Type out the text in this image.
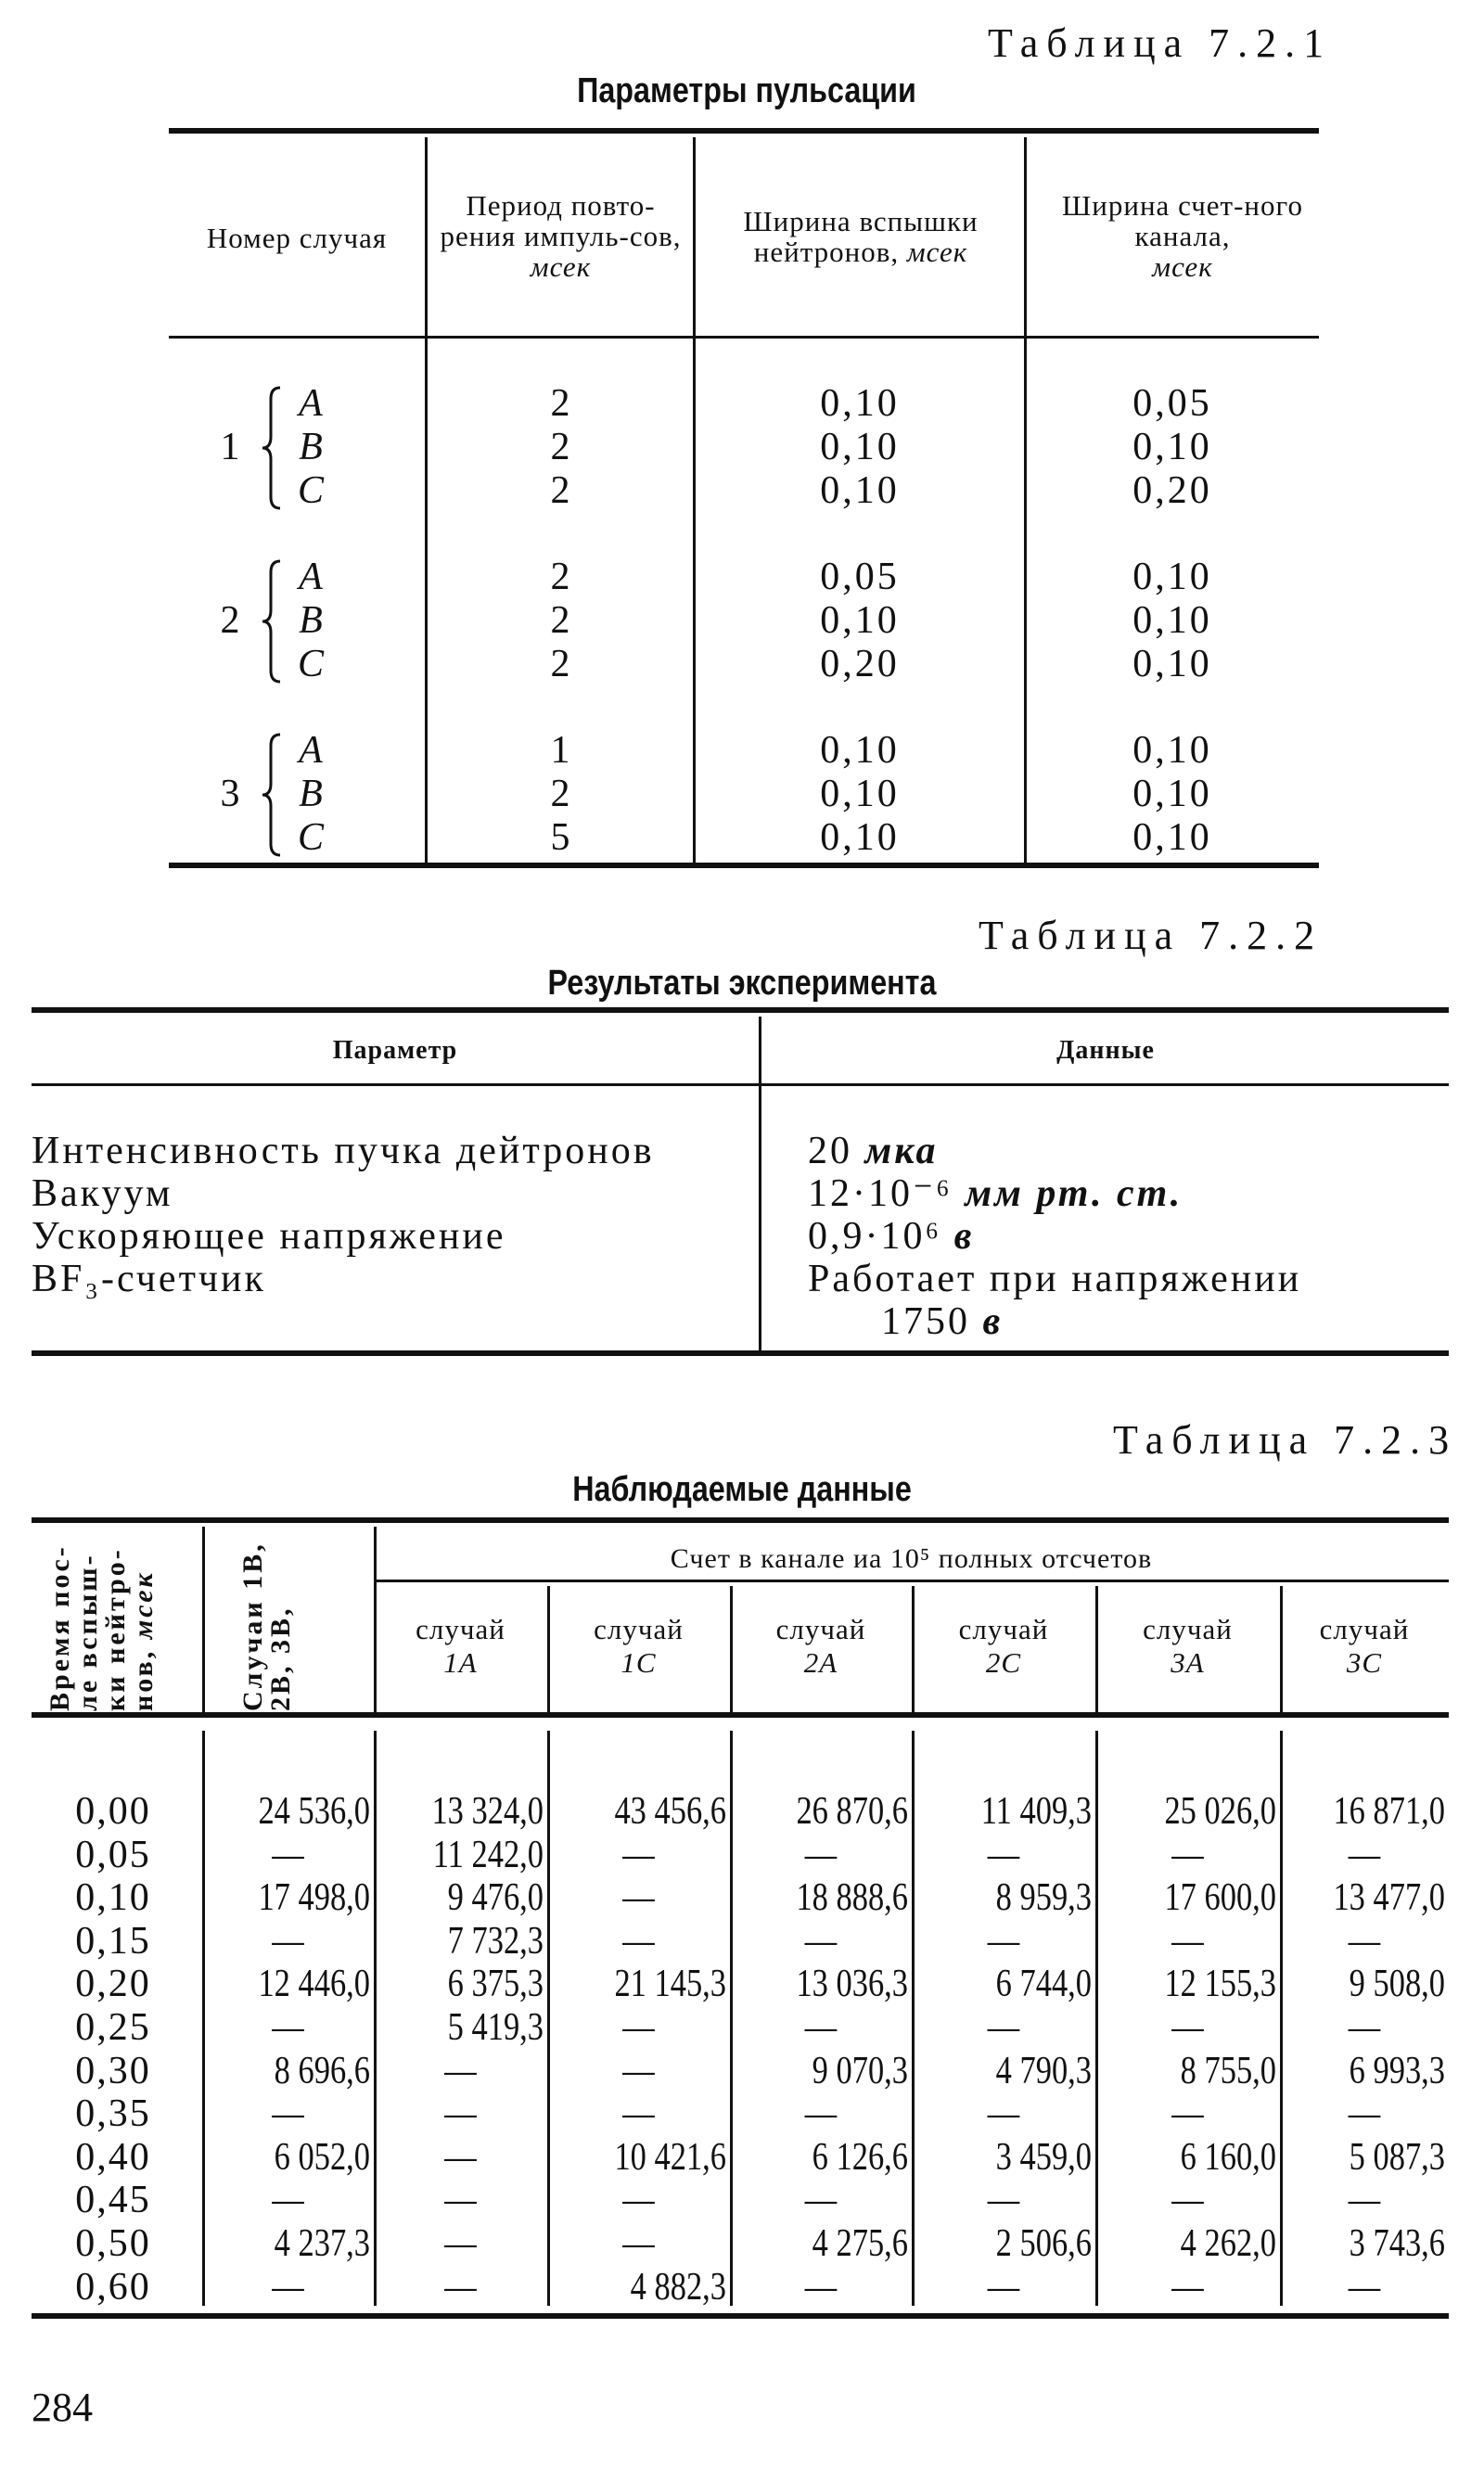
Таблица 7.2.1
Параметры пульсации
Номер случая
Период повто-рения импуль-сов, мсек
Ширина вспышки нейтронов, мсек
Ширина счет-ного канала,
мсек
1
A	2	0,10	0,05
B	2	0,10	0,10
C	2	0,10	0,20
2
A	2	0,05	0,10
B	2	0,10	0,10
C	2	0,20	0,10
3
A	1	0,10	0,10
B	2	0,10	0,10
C	5	0,10	0,10
Таблица 7.2.2
Результаты эксперимента
Параметр	Данные
Интенсивность пучка дейтронов	20 мка
Вакуум	12·10⁻⁶ мм рт. ст.
Ускоряющее напряжение	0,9·10⁶ в
BF₃-счетчик	Работает при напряжении
1750 в
Таблица 7.2.3
Наблюдаемые данные
Время пос-ле вспыш-ки нейтро-нов, мсек	Случаи 1B, 2B, 3B,
Счет в канале иа 10⁵ полных отсчетов
случай
1A
случай
1C
случай
2A
случай
2C
случай
3A
случай
3C
0,00	24 536,0	13 324,0	43 456,6	26 870,6	11 409,3	25 026,0	16 871,0
0,05	—	11 242,0	—	—	—	—	—
0,10	17 498,0	9 476,0	—	18 888,6	8 959,3	17 600,0	13 477,0
0,15	—	7 732,3	—	—	—	—	—
0,20	12 446,0	6 375,3	21 145,3	13 036,3	6 744,0	12 155,3	9 508,0
0,25	—	5 419,3	—	—	—	—	—
0,30	8 696,6	—	—	9 070,3	4 790,3	8 755,0	6 993,3
0,35	—	—	—	—	—	—	—
0,40	6 052,0	—	10 421,6	6 126,6	3 459,0	6 160,0	5 087,3
0,45	—	—	—	—	—	—	—
0,50	4 237,3	—	—	4 275,6	2 506,6	4 262,0	3 743,6
0,60	—	—	4 882,3	—	—	—	—
284
